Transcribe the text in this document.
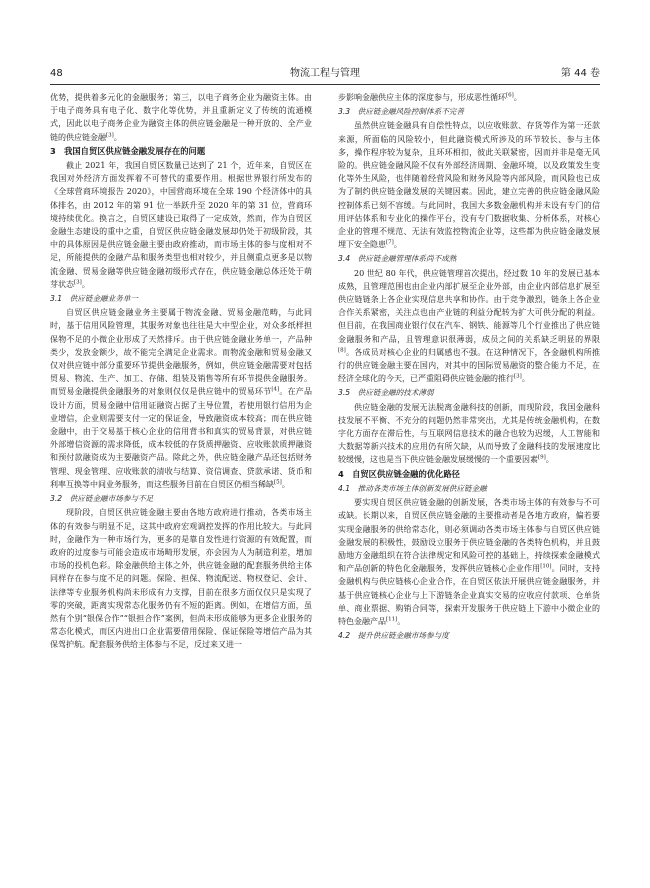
48	物流工程与管理	第 44 卷

优势，提供着多元化的金融服务；第三，以电子商务企业为融资主体。由于电子商务具有电子化、数字化等优势，并且重新定义了传统的流通模式，因此以电子商务企业为融资主体的供应链金融是一种开放的、全产业链的供应链金融[3]。

3　我国自贸区供应链金融发展存在的问题

截止 2021 年，我国自贸区数量已达到了 21 个，近年来，自贸区在我国对外经济方面发挥着不可替代的重要作用。根据世界银行所发布的《全球营商环境报告 2020》，中国营商环境在全球 190 个经济体中的具体排名，由 2012 年的第 91 位一举跃升至 2020 年的第 31 位，营商环境持续优化。换言之，自贸区建设已取得了一定成效，然而，作为自贸区金融生态建设的重中之重，自贸区供应链金融发展却仍处于初级阶段，其中的具体原因是供应链金融主要由政府推动，而市场主体的参与度相对不足，所能提供的金融产品和服务类型也相对较少，并且侧重点更多是以物流金融、贸易金融等供应链金融初级形式存在，供应链金融总体还处于萌芽状态[3]。

3.1　供应链金融业务单一

自贸区供应链金融业务主要属于物流金融、贸易金融范畴，与此同时，基于信用风险管理，其服务对象也往往是大中型企业，对众多纸样担保物不足的小微企业形成了天然排斥。由于供应链金融业务单一，产品种类少，发放金额少，故不能完全满足企业需求。而物流金融和贸易金融又仅对供应链中部分重要环节提供金融服务，例如，供应链金融需要对包括贸易、物流、生产、加工、存储、组装及销售等所有环节提供金融服务。而贸易金融提供金融服务的对象则仅仅是供应链中的贸易环节[4]。在产品设计方面，贸易金融中信用证融资占据了主导位置，若使用银行信用为企业增信，企业则需要支付一定的保证金，导致融资成本较高；而在供应链金融中，由于交易基于核心企业的信用背书和真实的贸易背景，对供应链外部增信资源的需求降低，成本较低的存货质押融资、应收账款质押融资和预付款融资成为主要融资产品。除此之外，供应链金融产品还包括财务管理、现金管理、应收账款的清收与结算、资信调查、贷款承诺、货币和利率互换等中间业务服务，而这些服务目前在自贸区仍相当稀缺[5]。

3.2　供应链金融市场参与不足

现阶段，自贸区供应链金融主要由各地方政府进行推动，各类市场主体的有效参与明显不足，这其中政府宏观调控发挥的作用比较大。与此同时，金融作为一种市场行为，更多的是靠自发性进行资源的有效配置，而政府的过度参与可能会造成市场畸形发展，亦会因为人为制造利差，增加市场的投机色彩。除金融供给主体之外，供应链金融的配套服务供给主体同样存在参与度不足的问题。保险、担保、物流配送、物权登记、会计、法律等专业服务机构尚未形成有力支撑，目前在很多方面仅仅只是实现了零的突破，距离实现常态化服务仍有不短的距离。例如，在增信方面，虽然有个别“银保合作”“银担合作”案例，但尚未形成能够为更多企业服务的常态化模式，而区内进出口企业需要借用保险、保证保险等增信产品为其保驾护航。配套服务供给主体参与不足，反过来又进一

步影响金融供应主体的深度参与，形成恶性循环[6]。

3.3　供应链金融风险控制体系不完善

虽然供应链金融具有自偿性特点，以应收账款、存货等作为第一还款来源，所面临的风险较小，但此融资模式所涉及的环节较长、参与主体多，操作程序较为复杂，且环环相扣，彼此关联紧密，因而并非是毫无风险的。供应链金融风险不仅有外部经济周期、金融环境，以及政策发生变化等外生风险，也伴随着经营风险和财务风险等内部风险，而风险也已成为了制约供应链金融发展的关键因素。因此，建立完善的供应链金融风险控制体系已刻不容缓。与此同时，我国大多数金融机构并未设有专门的信用评估体系和专业化的操作平台，没有专门数据收集、分析体系，对核心企业的管理不规范、无法有效监控物流企业等，这些都为供应链金融发展埋下安全隐患[7]。

3.4　供应链金融管理体系尚不成熟

20 世纪 80 年代，供应链管理首次提出，经过数 10 年的发展已基本成熟，且管理范围也由企业内部扩展至企业外部，由企业内部信息扩展至供应链链条上各企业实现信息共享和协作。由于竞争激烈，链条上各企业合作关系紧密，关注点也由产业链的利益分配转为扩大可供分配的利益。但目前，在我国商业银行仅在汽车、钢铁、能源等几个行业推出了供应链金融服务和产品，且管理意识很薄弱，成员之间的关系缺乏明显的界限[8]。各成员对核心企业的归属感也不强。在这种情况下，各金融机构所推行的供应链金融主要在国内，对其中的国际贸易融资的整合能力不足，在经济全球化的今天，已严重阻碍供应链金融的推行[3]。

3.5　供应链金融的技术薄弱

供应链金融的发展无法脱离金融科技的创新，而现阶段，我国金融科技发展不平衡、不充分的问题仍然非常突出，尤其是传统金融机构，在数字化方面存在滞后性，与互联网信息技术的融合也较为迟缓，人工智能和大数据等新兴技术的应用仍有所欠缺，从而导致了金融科技的发展速度比较缓慢，这也是当下供应链金融发展缓慢的一个重要因素[9]。

4　自贸区供应链金融的优化路径
4.1　推动各类市场主体创新发展供应链金融

要实现自贸区供应链金融的创新发展，各类市场主体的有效参与不可或缺。长期以来，自贸区供应链金融的主要推动者是各地方政府，偏若要实现金融服务的供给常态化，则必须调动各类市场主体参与自贸区供应链金融发展的积极性，鼓励设立服务于供应链金融的各类特色机构，并且鼓励地方金融组织在符合法律规定和风险可控的基础上，持续探索金融模式和产品创新的特色化金融服务，发挥供应链核心企业作用[10]。同时，支持金融机构与供应链核心企业合作，在自贸区依法开展供应链金融服务，并基于供应链核心企业与上下游链条企业真实交易的应收应付款项、仓单货单、商业票据、购销合同等，探索开发服务于供应链上下游中小微企业的特色金融产品[11]。

4.2　提升供应链金融市场参与度
